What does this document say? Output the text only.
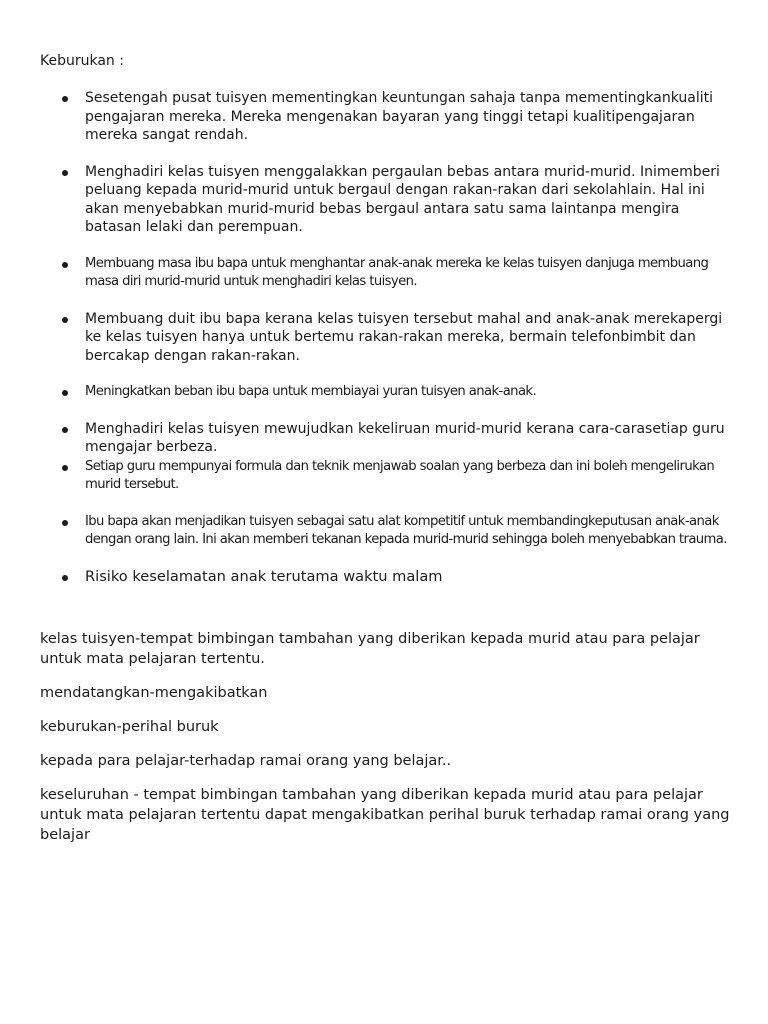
Keburukan :

Sesetengah pusat tuisyen mementingkan keuntungan sahaja tanpa mementingkankualiti pengajaran mereka. Mereka mengenakan bayaran yang tinggi tetapi kualitipengajaran mereka sangat rendah.
Menghadiri kelas tuisyen menggalakkan pergaulan bebas antara murid-murid. Inimemberi peluang kepada murid-murid untuk bergaul dengan rakan-rakan dari sekolahlain. Hal ini akan menyebabkan murid-murid bebas bergaul antara satu sama laintanpa mengira batasan lelaki dan perempuan.
Membuang masa ibu bapa untuk menghantar anak-anak mereka ke kelas tuisyen danjuga membuang masa diri murid-murid untuk menghadiri kelas tuisyen.
Membuang duit ibu bapa kerana kelas tuisyen tersebut mahal and anak-anak merekapergi ke kelas tuisyen hanya untuk bertemu rakan-rakan mereka, bermain telefonbimbit dan bercakap dengan rakan-rakan.
Meningkatkan beban ibu bapa untuk membiayai yuran tuisyen anak-anak.
Menghadiri kelas tuisyen mewujudkan kekeliruan murid-murid kerana cara-carasetiap guru mengajar berbeza.
Setiap guru mempunyai formula dan teknik menjawab soalan yang berbeza dan ini boleh mengelirukan murid tersebut.
Ibu bapa akan menjadikan tuisyen sebagai satu alat kompetitif untuk membandingkeputusan anak-anak dengan orang lain. Ini akan memberi tekanan kepada murid-murid sehingga boleh menyebabkan trauma.
Risiko keselamatan anak terutama waktu malam

kelas tuisyen-tempat bimbingan tambahan yang diberikan kepada murid atau para pelajar untuk mata pelajaran tertentu.

mendatangkan-mengakibatkan

keburukan-perihal buruk

kepada para pelajar-terhadap ramai orang yang belajar..

keseluruhan - tempat bimbingan tambahan yang diberikan kepada murid atau para pelajar untuk mata pelajaran tertentu dapat mengakibatkan perihal buruk terhadap ramai orang yang belajar
